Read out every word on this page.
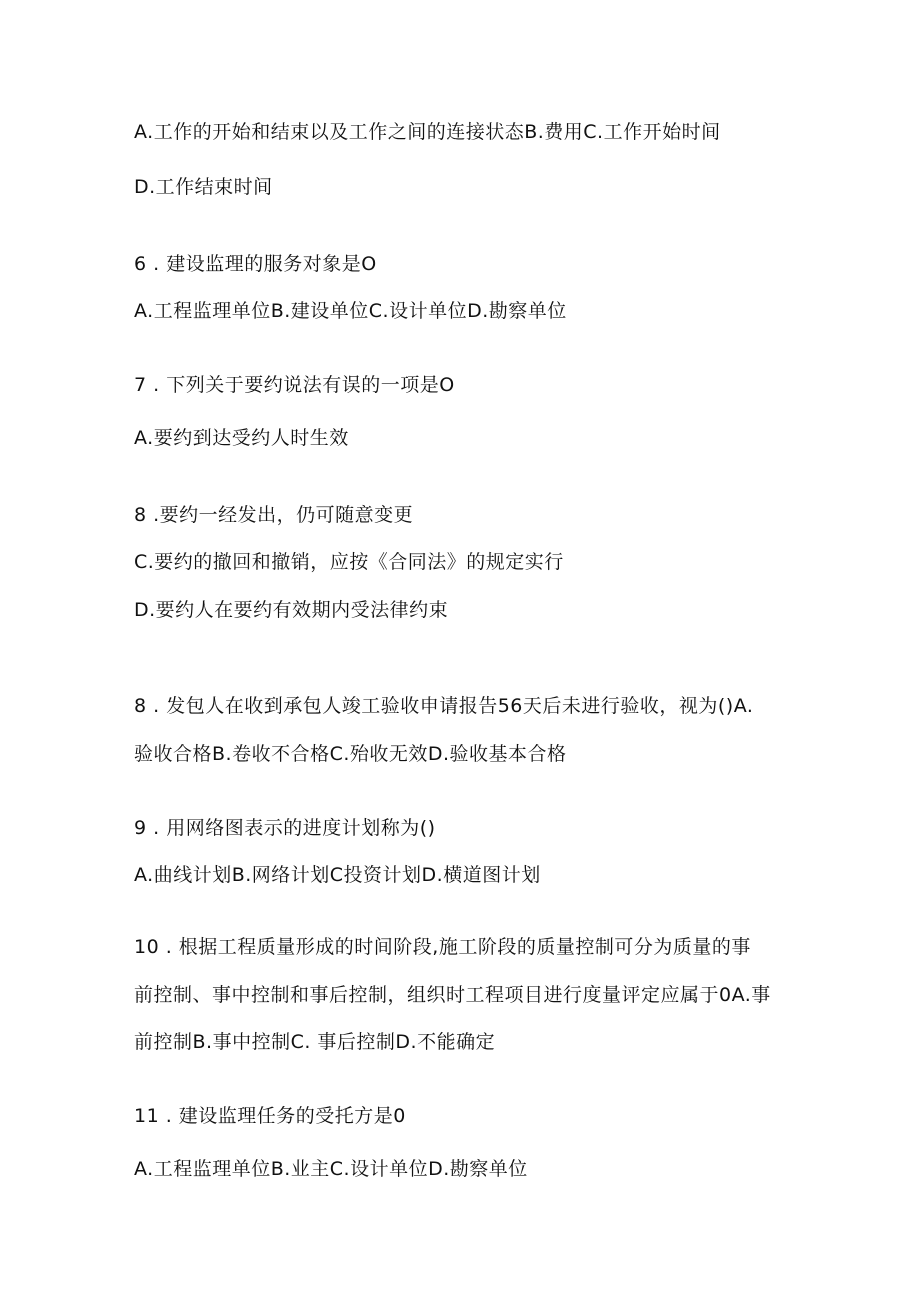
A.工作的开始和结束以及工作之间的连接状态B.费用C.工作开始时间
D.工作结束时间
6 . 建设监理的服务对象是O
A.工程监理单位B.建设单位C.设计单位D.勘察单位
7 . 下列关于要约说法有误的一项是O
A.要约到达受约人时生效
8 .要约一经发出，仍可随意变更
C.要约的撤回和撤销，应按《合同法》的规定实行
D.要约人在要约有效期内受法律约束
8 . 发包人在收到承包人竣工验收申请报告56天后未进行验收，视为()A.
验收合格B.卷收不合格C.殆收无效D.验收基本合格
9 . 用网络图表示的进度计划称为()
A.曲线计划B.网络计划C投资计划D.横道图计划
10 . 根据工程质量形成的时间阶段,施工阶段的质量控制可分为质量的事
前控制、事中控制和事后控制，组织时工程项目进行度量评定应属于0A.事
前控制B.事中控制C. 事后控制D.不能确定
11 . 建设监理任务的受托方是0
A.工程监理单位B.业主C.设计单位D.勘察单位
